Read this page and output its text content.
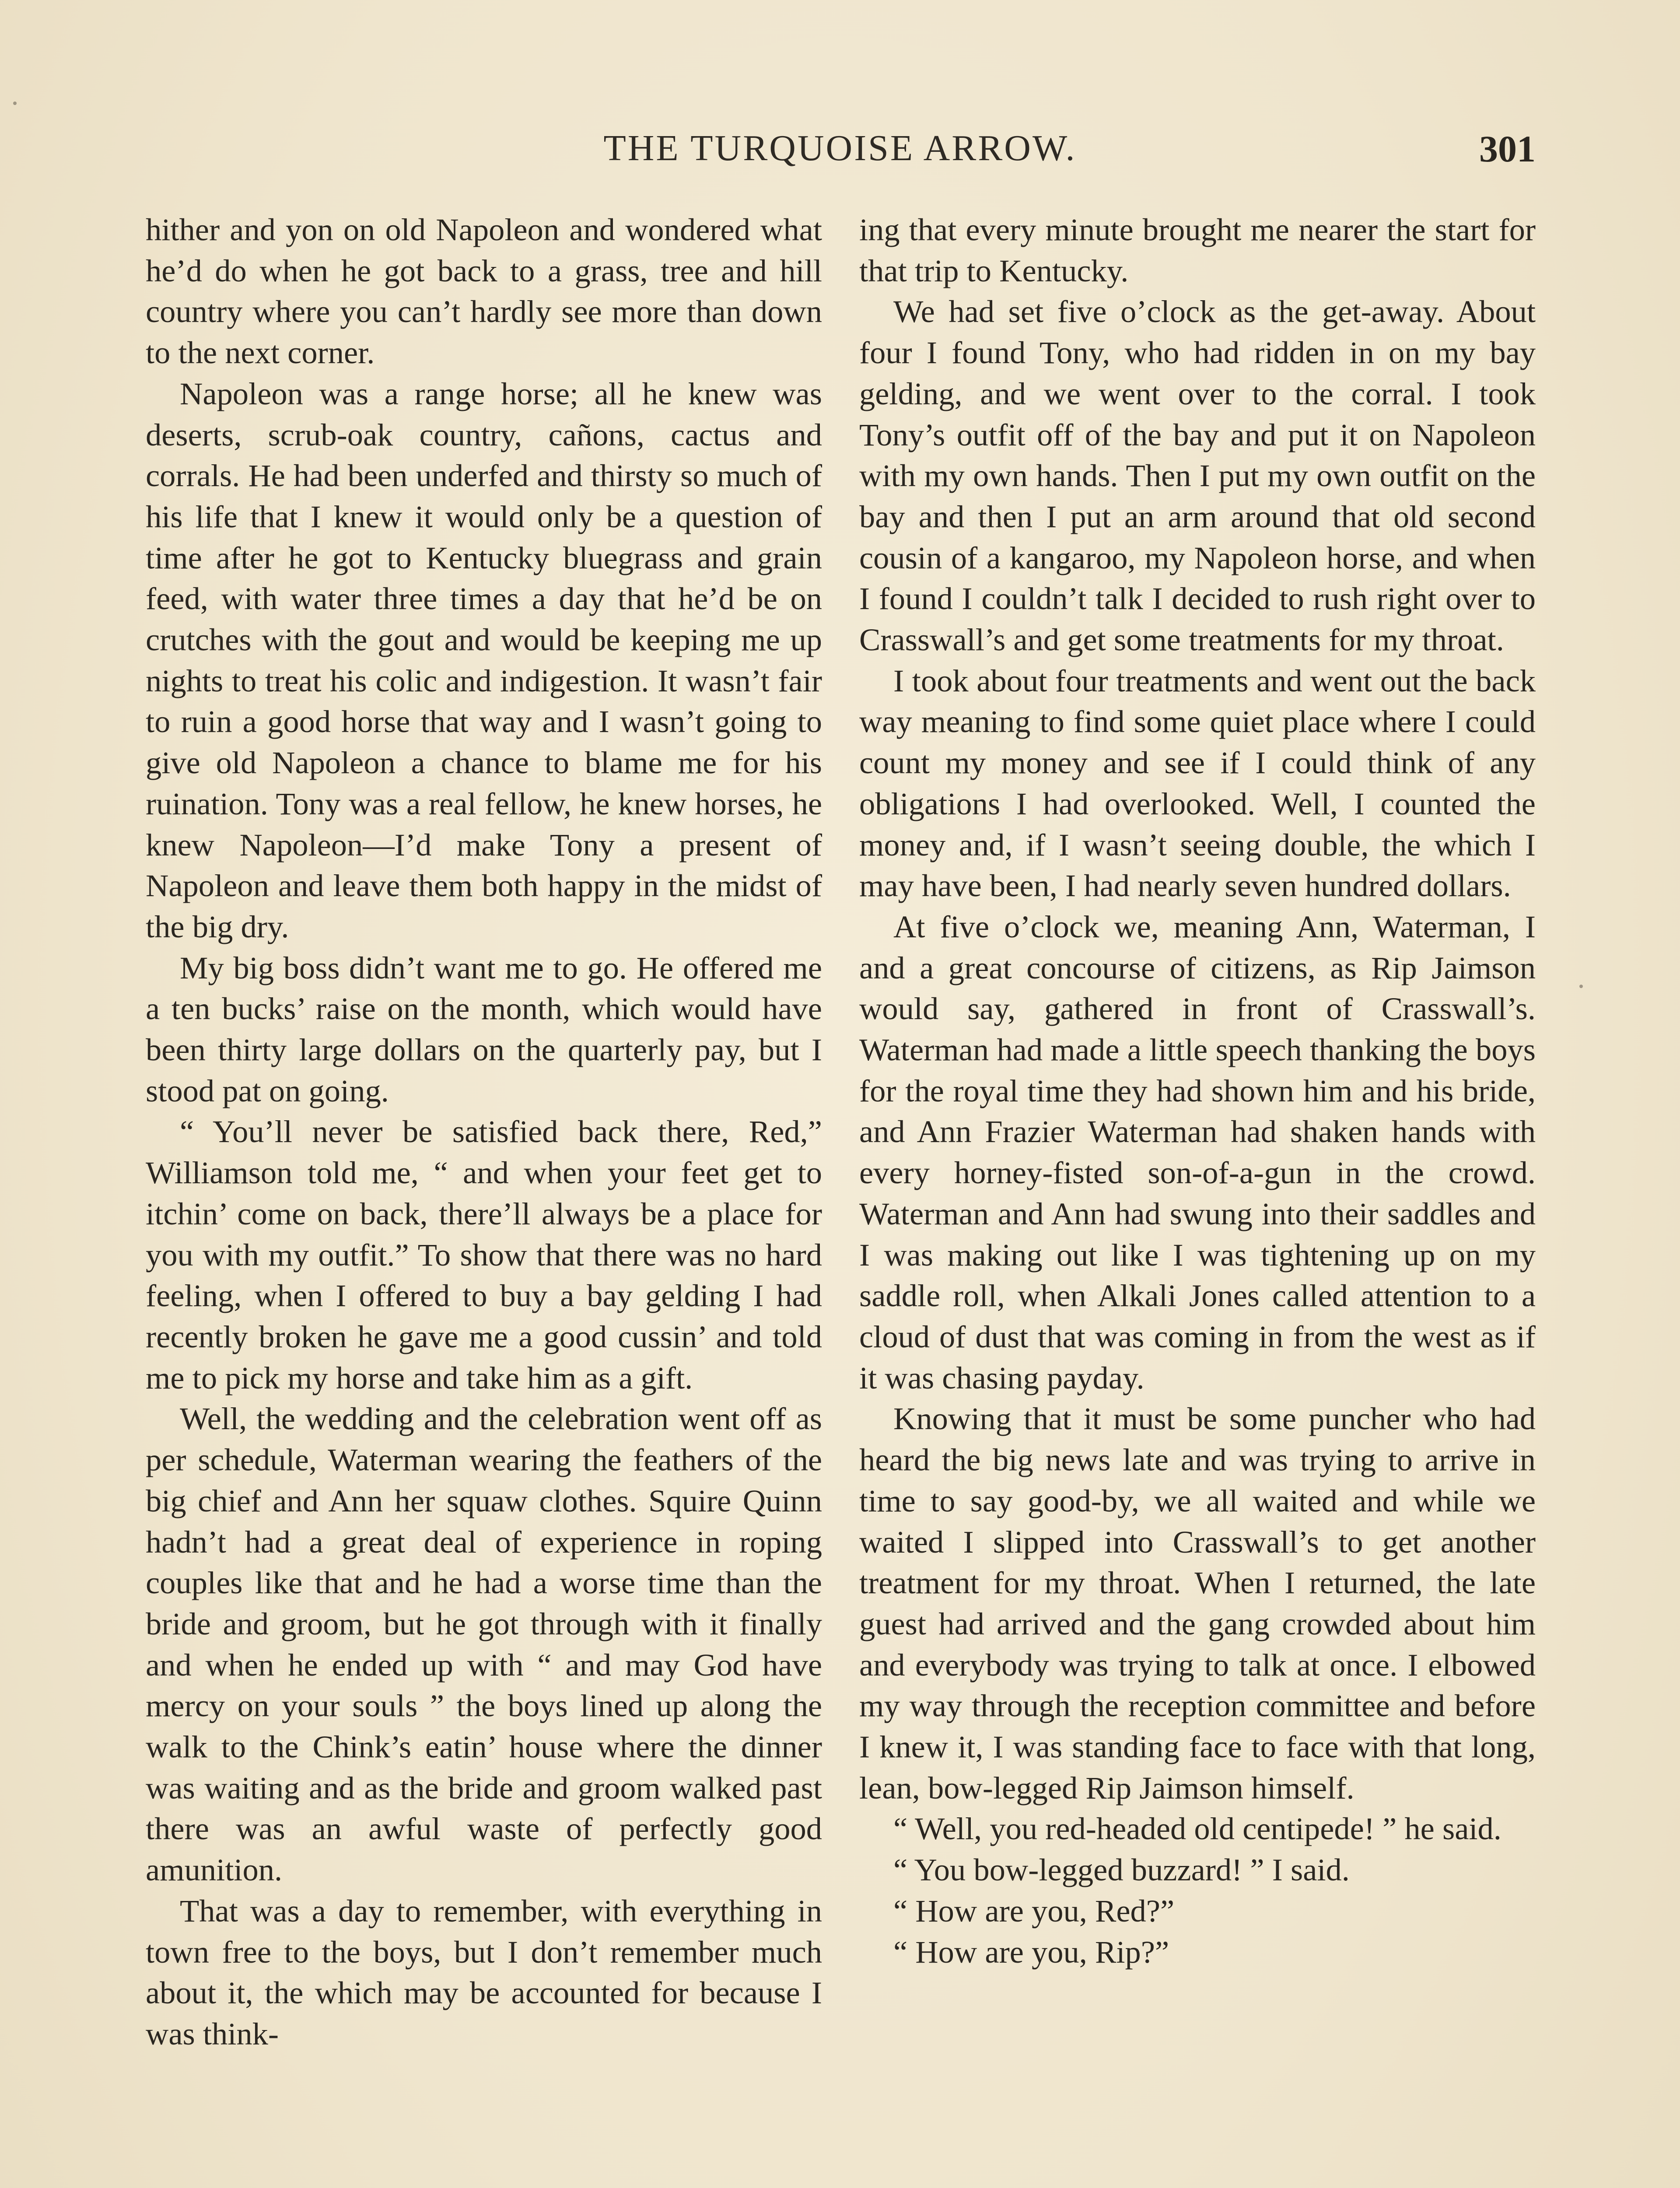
THE TURQUOISE ARROW.	301

hither and yon on old Napoleon and wondered what he’d do when he got back to a grass, tree and hill country where you can’t hardly see more than down to the next corner.

Napoleon was a range horse; all he knew was deserts, scrub-oak country, cañons, cactus and corrals. He had been underfed and thirsty so much of his life that I knew it would only be a question of time after he got to Kentucky bluegrass and grain feed, with water three times a day that he’d be on crutches with the gout and would be keeping me up nights to treat his colic and indigestion. It wasn’t fair to ruin a good horse that way and I wasn’t going to give old Napoleon a chance to blame me for his ruination. Tony was a real fellow, he knew horses, he knew Napoleon—I’d make Tony a present of Napoleon and leave them both happy in the midst of the big dry.

My big boss didn’t want me to go. He offered me a ten bucks’ raise on the month, which would have been thirty large dollars on the quarterly pay, but I stood pat on going.

“ You’ll never be satisfied back there, Red,” Williamson told me, “ and when your feet get to itchin’ come on back, there’ll always be a place for you with my outfit.” To show that there was no hard feeling, when I offered to buy a bay gelding I had recently broken he gave me a good cussin’ and told me to pick my horse and take him as a gift.

Well, the wedding and the celebration went off as per schedule, Waterman wearing the feathers of the big chief and Ann her squaw clothes. Squire Quinn hadn’t had a great deal of experience in roping couples like that and he had a worse time than the bride and groom, but he got through with it finally and when he ended up with “ and may God have mercy on your souls ” the boys lined up along the walk to the Chink’s eatin’ house where the dinner was waiting and as the bride and groom walked past there was an awful waste of perfectly good amunition.

That was a day to remember, with everything in town free to the boys, but I don’t remember much about it, the which may be accounted for because I was think-

ing that every minute brought me nearer the start for that trip to Kentucky.

We had set five o’clock as the get-away. About four I found Tony, who had ridden in on my bay gelding, and we went over to the corral. I took Tony’s outfit off of the bay and put it on Napoleon with my own hands. Then I put my own outfit on the bay and then I put an arm around that old second cousin of a kangaroo, my Napoleon horse, and when I found I couldn’t talk I decided to rush right over to Crasswall’s and get some treatments for my throat.

I took about four treatments and went out the back way meaning to find some quiet place where I could count my money and see if I could think of any obligations I had overlooked. Well, I counted the money and, if I wasn’t seeing double, the which I may have been, I had nearly seven hundred dollars.

At five o’clock we, meaning Ann, Waterman, I and a great concourse of citizens, as Rip Jaimson would say, gathered in front of Crasswall’s. Waterman had made a little speech thanking the boys for the royal time they had shown him and his bride, and Ann Frazier Waterman had shaken hands with every horney-fisted son-of-a-gun in the crowd. Waterman and Ann had swung into their saddles and I was making out like I was tightening up on my saddle roll, when Alkali Jones called attention to a cloud of dust that was coming in from the west as if it was chasing payday.

Knowing that it must be some puncher who had heard the big news late and was trying to arrive in time to say good-by, we all waited and while we waited I slipped into Crasswall’s to get another treatment for my throat. When I returned, the late guest had arrived and the gang crowded about him and everybody was trying to talk at once. I elbowed my way through the reception committee and before I knew it, I was standing face to face with that long, lean, bow-legged Rip Jaimson himself.

“ Well, you red-headed old centipede! ” he said.

“ You bow-legged buzzard! ” I said.

“ How are you, Red?”

“ How are you, Rip?”
